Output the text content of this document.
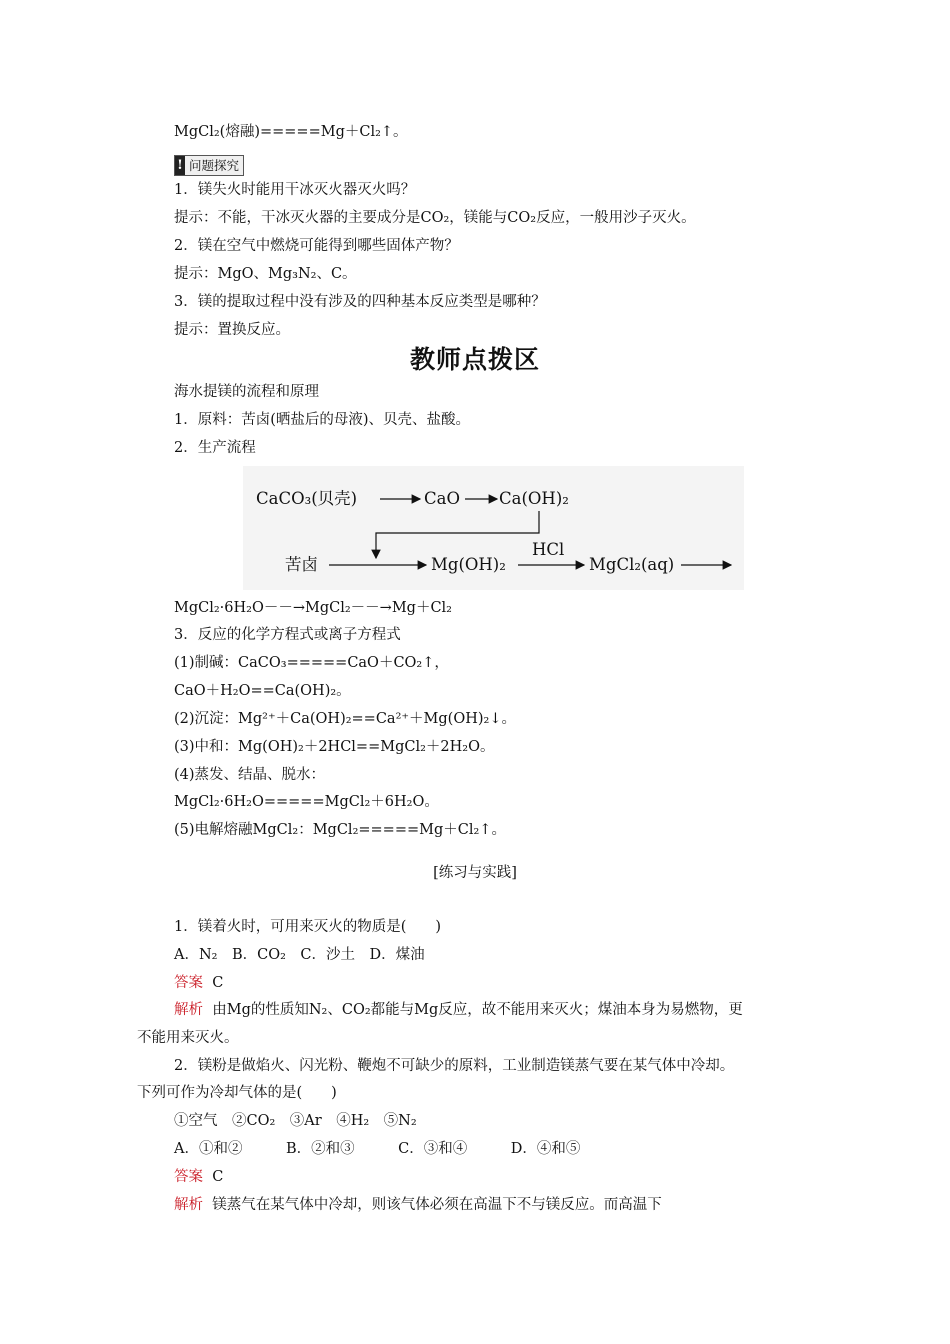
MgCl₂(熔融)=====Mg＋Cl₂↑。
! 问题探究
1．镁失火时能用干冰灭火器灭火吗？
提示：不能，干冰灭火器的主要成分是CO₂，镁能与CO₂反应，一般用沙子灭火。
2．镁在空气中燃烧可能得到哪些固体产物？
提示：MgO、Mg₃N₂、C。
3．镁的提取过程中没有涉及的四种基本反应类型是哪种？
提示：置换反应。
教师点拨区
海水提镁的流程和原理
1．原料：苦卤(晒盐后的母液)、贝壳、盐酸。
2．生产流程
CaCO₃(贝壳)	CaO Ca(OH)₂
苦卤	Mg(OH)₂
HCl
MgCl₂(aq)
MgCl₂·6H₂O－－→MgCl₂－－→Mg＋Cl₂
3．反应的化学方程式或离子方程式
(1)制碱：CaCO₃=====CaO＋CO₂↑，
CaO＋H₂O==Ca(OH)₂。
(2)沉淀：Mg²⁺＋Ca(OH)₂==Ca²⁺＋Mg(OH)₂↓。
(3)中和：Mg(OH)₂＋2HCl==MgCl₂＋2H₂O。
(4)蒸发、结晶、脱水：
MgCl₂·6H₂O=====MgCl₂＋6H₂O。
(5)电解熔融MgCl₂：MgCl₂=====Mg＋Cl₂↑。
[练习与实践]
1．镁着火时，可用来灭火的物质是(　　)
A．N₂　B．CO₂　C．沙土　D．煤油
答案 C
解析 由Mg的性质知N₂、CO₂都能与Mg反应，故不能用来灭火；煤油本身为易燃物，更
不能用来灭火。
2．镁粉是做焰火、闪光粉、鞭炮不可缺少的原料，工业制造镁蒸气要在某气体中冷却。
下列可作为冷却气体的是(　　)
①空气　②CO₂　③Ar　④H₂　⑤N₂
A．①和②　　　B．②和③　　　C．③和④　　　D．④和⑤
答案 C
解析 镁蒸气在某气体中冷却，则该气体必须在高温下不与镁反应。而高温下
